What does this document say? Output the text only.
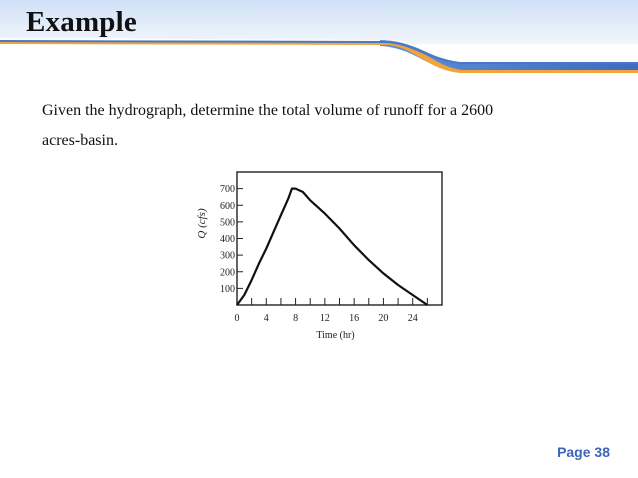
Example
Given the hydrograph, determine the total volume of runoff for a 2600
acres-basin.
100
200
300
400
500
600
700
0 4 8 12 16 20 24
Time (hr)
Q (cfs)
Page 38
